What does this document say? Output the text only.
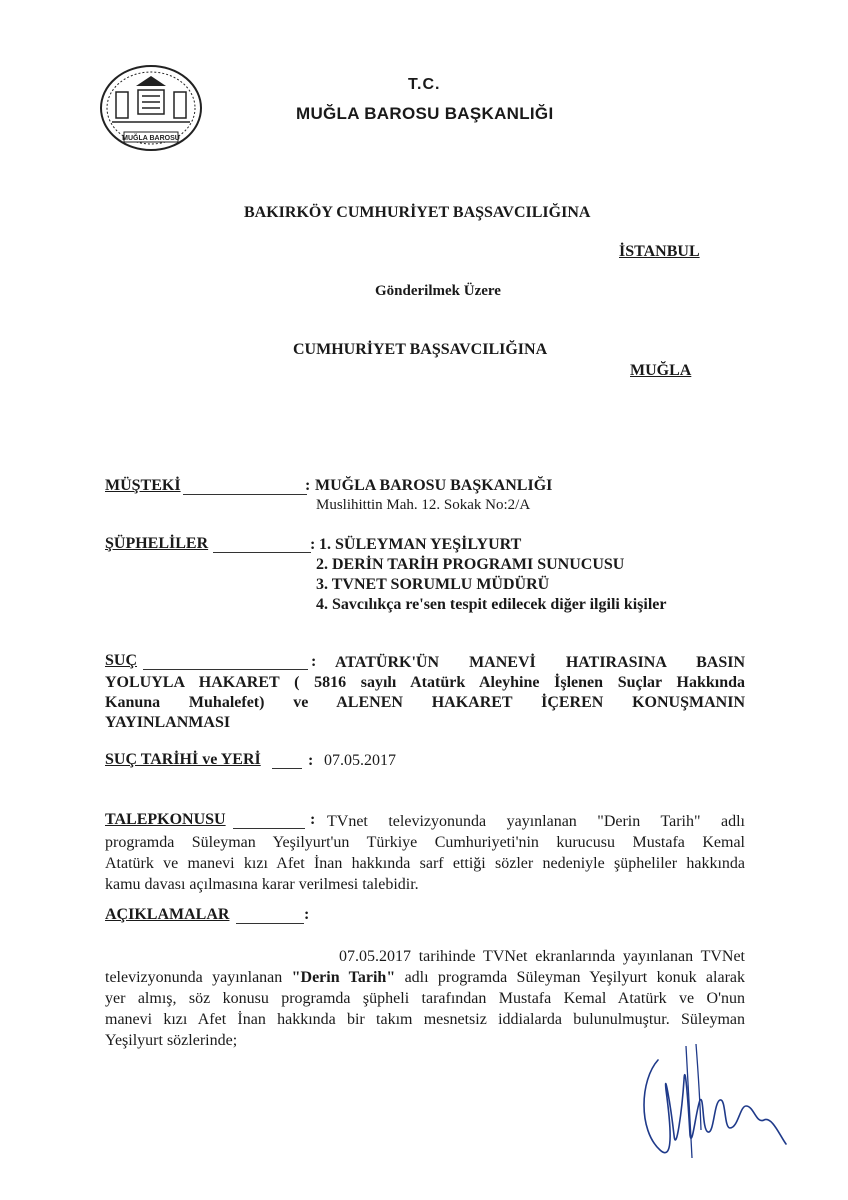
MUĞLA BAROSU
T.C.
MUĞLA BAROSU BAŞKANLIĞI
BAKIRKÖY CUMHURİYET BAŞSAVCILIĞINA
İSTANBUL
Gönderilmek Üzere
CUMHURİYET BAŞSAVCILIĞINA
MUĞLA
MÜŞTEKİ	: MUĞLA BAROSU BAŞKANLIĞI
Muslihittin Mah. 12. Sokak No:2/A
ŞÜPHELİLER	: 1. SÜLEYMAN YEŞİLYURT
2. DERİN TARİH PROGRAMI SUNUCUSU
3. TVNET SORUMLU MÜDÜRÜ
4. Savcılıkça re'sen tespit edilecek diğer ilgili kişiler
SUÇ	:	ATATÜRK'ÜN MANEVİ HATIRASINA BASIN
YOLUYLA HAKARET ( 5816 sayılı Atatürk Aleyhine İşlenen Suçlar Hakkında
Kanuna Muhalefet) ve ALENEN HAKARET İÇEREN KONUŞMANIN
YAYINLANMASI
SUÇ TARİHİ ve YERİ	: 07.05.2017
TALEPKONUSU	: TVnet televizyonunda yayınlanan "Derin Tarih" adlı
programda Süleyman Yeşilyurt'un Türkiye Cumhuriyeti'nin kurucusu Mustafa Kemal
Atatürk ve manevi kızı Afet İnan hakkında sarf ettiği sözler nedeniyle şüpheliler hakkında
kamu davası açılmasına karar verilmesi talebidir.
AÇIKLAMALAR	:
07.05.2017 tarihinde TVNet ekranlarında yayınlanan TVNet
televizyonunda yayınlanan "Derin Tarih" adlı programda Süleyman Yeşilyurt konuk alarak
yer almış, söz konusu programda şüpheli tarafından Mustafa Kemal Atatürk ve O'nun
manevi kızı Afet İnan hakkında bir takım mesnetsiz iddialarda bulunulmuştur. Süleyman
Yeşilyurt sözlerinde;
